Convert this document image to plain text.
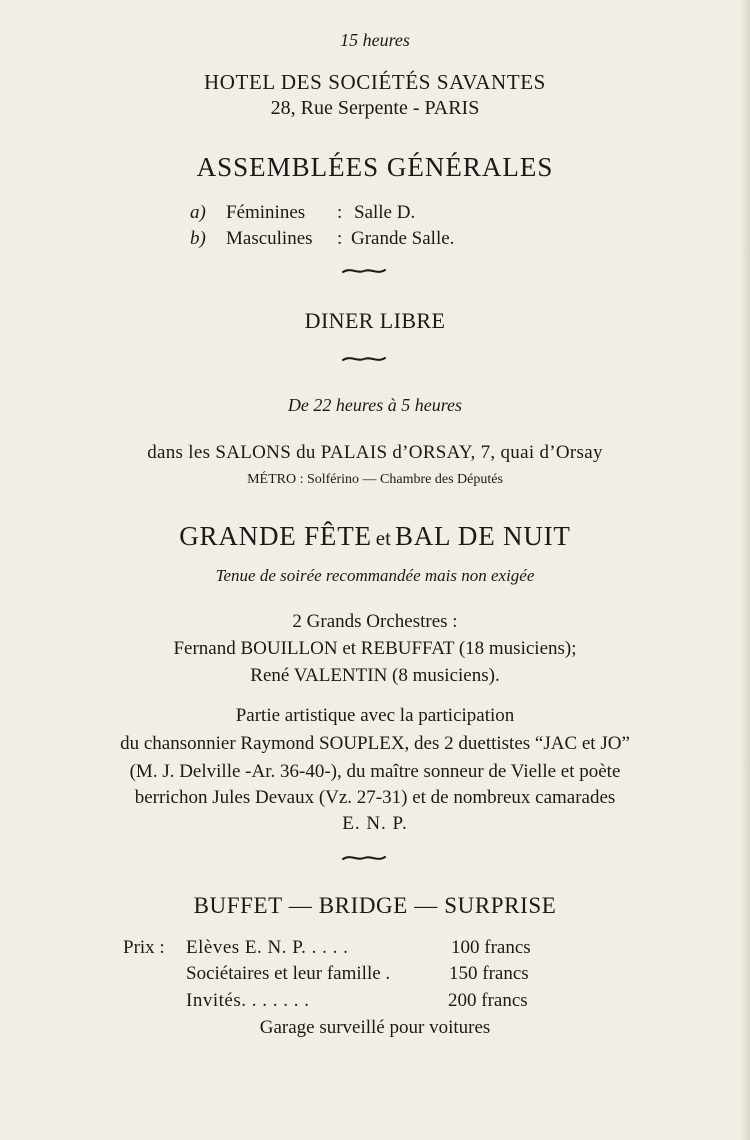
15 heures
HOTEL DES SOCIÉTÉS SAVANTES
28, Rue Serpente - PARIS
ASSEMBLÉES GÉNÉRALES
a) Féminines : Salle D.
b) Masculines : Grande Salle.
DINER LIBRE
De 22 heures à 5 heures
dans les SALONS du PALAIS d’ORSAY, 7, quai d’Orsay
MÉTRO : Solférino — Chambre des Députés
GRANDE FÊTE et BAL DE NUIT
Tenue de soirée recommandée mais non exigée
2 Grands Orchestres :
Fernand BOUILLON et REBUFFAT (18 musiciens);
René VALENTIN (8 musiciens).
Partie artistique avec la participation
du chansonnier Raymond SOUPLEX, des 2 duettistes “JAC et JO”
(M. J. Delville -Ar. 36-40-), du maître sonneur de Vielle et poète
berrichon Jules Devaux (Vz. 27-31) et de nombreux camarades
E. N. P.
BUFFET — BRIDGE — SURPRISE
Prix : Elèves E. N. P. . . . .	100 francs
Sociétaires et leur famille .	150 francs
Invités. . . . . . .	200 francs
Garage surveillé pour voitures
